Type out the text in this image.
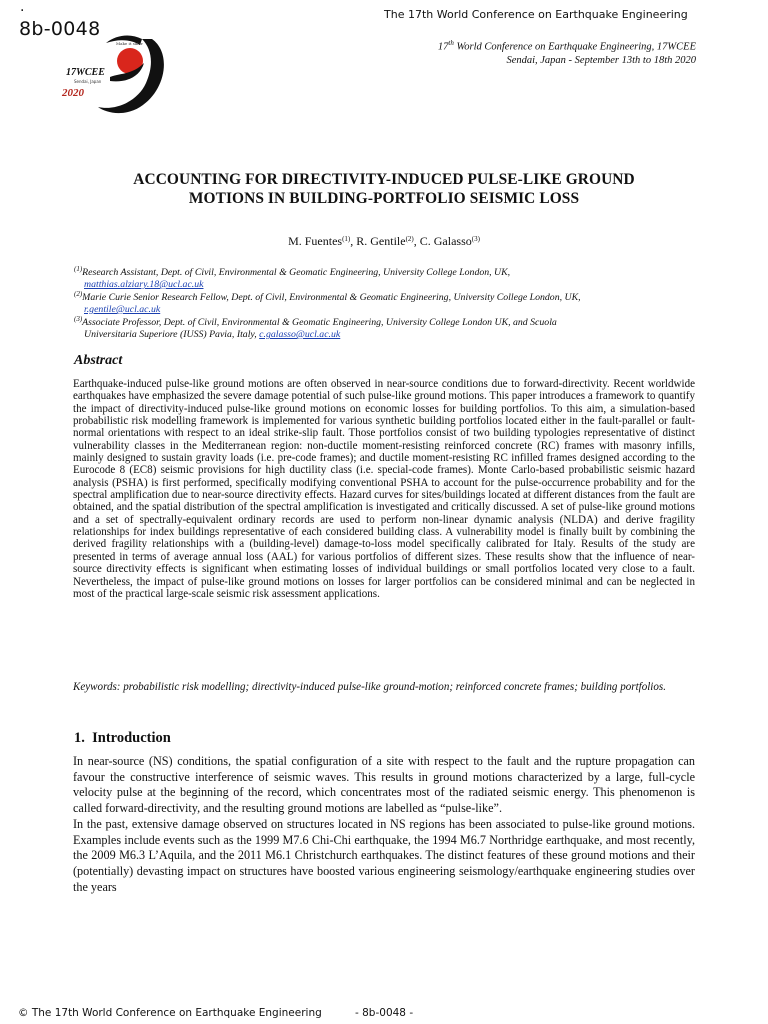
.
8b-0048
The 17th World Conference on Earthquake Engineering
17th World Conference on Earthquake Engineering, 17WCEE
Sendai, Japan - September 13th to 18th 2020
Make it safer
17WCEE
Sendai, Japan
2020
ACCOUNTING FOR DIRECTIVITY-INDUCED PULSE-LIKE GROUND
MOTIONS IN BUILDING-PORTFOLIO SEISMIC LOSS
M. Fuentes$^{(1)}$, R. Gentile$^{(2)}$, C. Galasso$^{(3)}$
$^{(1)}$Research Assistant, Dept. of Civil, Environmental & Geomatic Engineering, University College London, UK,
matthias.alziary.18@ucl.ac.uk
$^{(2)}$Marie Curie Senior Research Fellow, Dept. of Civil, Environmental & Geomatic Engineering, University College London, UK,
r.gentile@ucl.ac.uk
$^{(3)}$Associate Professor, Dept. of Civil, Environmental & Geomatic Engineering, University College London UK, and Scuola
Universitaria Superiore (IUSS) Pavia, Italy, c.galasso@ucl.ac.uk
Abstract
Earthquake-induced pulse-like ground motions are often observed in near-source conditions due to forward-directivity. Recent worldwide earthquakes have emphasized the severe damage potential of such pulse-like ground motions. This paper introduces a framework to quantify the impact of directivity-induced pulse-like ground motions on economic losses for building portfolios. To this aim, a simulation-based probabilistic risk modelling framework is implemented for various synthetic building portfolios located either in the fault-parallel or fault-normal orientations with respect to an ideal strike-slip fault. Those portfolios consist of two building typologies representative of distinct vulnerability classes in the Mediterranean region: non-ductile moment-resisting reinforced concrete (RC) frames with masonry infills, mainly designed to sustain gravity loads (i.e. pre-code frames); and ductile moment-resisting RC infilled frames designed according to the Eurocode 8 (EC8) seismic provisions for high ductility class (i.e. special-code frames). Monte Carlo-based probabilistic seismic hazard analysis (PSHA) is first performed, specifically modifying conventional PSHA to account for the pulse-occurrence probability and for the spectral amplification due to near-source directivity effects. Hazard curves for sites/buildings located at different distances from the fault are obtained, and the spatial distribution of the spectral amplification is investigated and critically discussed. A set of pulse-like ground motions and a set of spectrally-equivalent ordinary records are used to perform non-linear dynamic analysis (NLDA) and derive fragility relationships for index buildings representative of each considered building class. A vulnerability model is finally built by combining the derived fragility relationships with a (building-level) damage-to-loss model specifically calibrated for Italy. Results of the study are presented in terms of average annual loss (AAL) for various portfolios of different sizes. These results show that the influence of near-source directivity effects is significant when estimating losses of individual buildings or small portfolios located very close to a fault. Nevertheless, the impact of pulse-like ground motions on losses for larger portfolios can be considered minimal and can be neglected in most of the practical large-scale seismic risk assessment applications.
Keywords: probabilistic risk modelling; directivity-induced pulse-like ground-motion; reinforced concrete frames; building portfolios.
1.  Introduction

In near-source (NS) conditions, the spatial configuration of a site with respect to the fault and the rupture propagation can favour the constructive interference of seismic waves. This results in ground motions characterized by a large, full-cycle velocity pulse at the beginning of the record, which concentrates most of the radiated seismic energy. This phenomenon is called forward-directivity, and the resulting ground motions are labelled as “pulse-like”.

In the past, extensive damage observed on structures located in NS regions has been associated to pulse-like ground motions. Examples include events such as the 1999 M7.6 Chi-Chi earthquake, the 1994 M6.7 Northridge earthquake, and most recently, the 2009 M6.3 L’Aquila, and the 2011 M6.1 Christchurch earthquakes. The distinct features of these ground motions and their (potentially) devasting impact on structures have boosted various engineering seismology/earthquake engineering studies over the years

© The 17th World Conference on Earthquake Engineering	- 8b-0048 -
